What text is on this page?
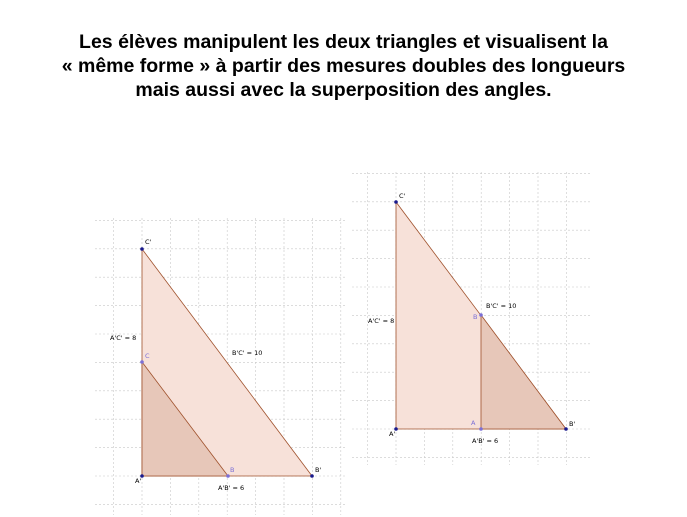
Les élèves manipulent les deux triangles et visualisent la
« même forme » à partir des mesures doubles des longueurs
mais aussi avec la superposition des angles.
A'
B'
C'
B
C
A'C' = 8
B'C' = 10
A'B' = 6
A'
B'
C'
A
B
A'C' = 8
B'C' = 10
A'B' = 6
